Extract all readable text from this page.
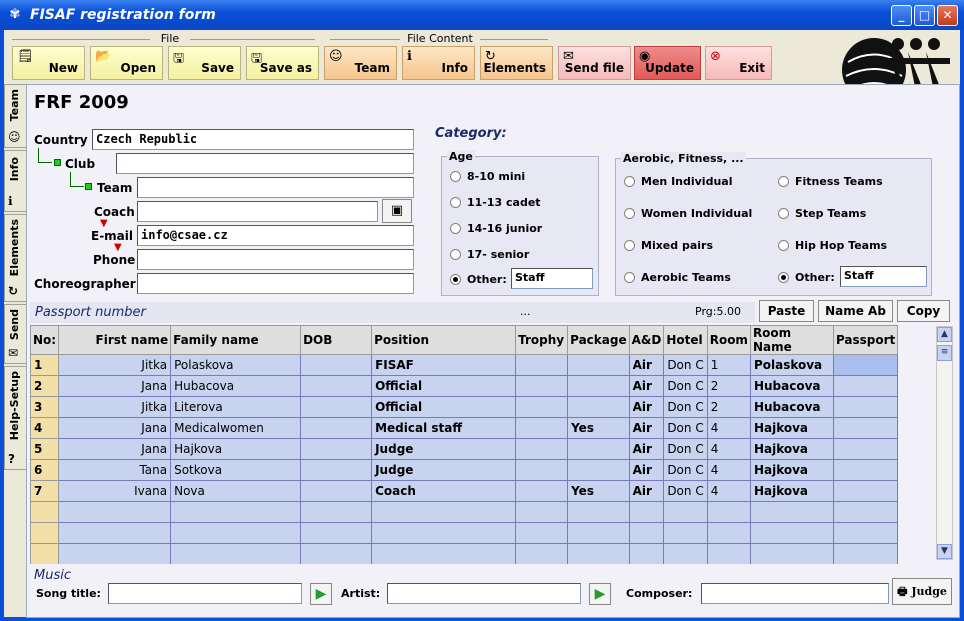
✾ FISAF registration form	_	□	✕
File	File Content
🗒
New
📂
Open
🖫
Save
🖫
Save as
☺
Team
ℹ
Info
↻
Elements
✉
Send file
◉
Update
⊗
Exit
Team
☺
Info
ℹ
Elements
↻
Send
✉
Help-Setup
?
FRF 2009
Country Czech Republic
Club
Team
Coach	▣
▼
E-mail info@csae.cz
▼
Phone
Choreographer
Category:
Age
8-10 mini
11-13 cadet
14-16 junior
17- senior
Other: Staff
Aerobic, Fitness, ...
Men Individual
Women Individual
Mixed pairs
Aerobic Teams
Fitness Teams
Step Teams
Hip Hop Teams
Other: Staff
Passport number	...	Prg:5.00	Paste	Name Ab	Copy
No:	First name	Family name	DOB	Position	Trophy	Package	A&D	Hotel	Room	Room Name	Passport
1	Jitka	Polaskova		FISAF			Air	Don C	1	Polaskova	
2	Jana	Hubacova		Official			Air	Don C	2	Hubacova	
3	Jitka	Literova		Official			Air	Don C	2	Hubacova	
4	Jana	Medicalwomen		Medical staff		Yes	Air	Don C	4	Hajkova	
5	Jana	Hajkova		Judge			Air	Don C	4	Hajkova	
6	Tana	Sotkova		Judge			Air	Don C	4	Hajkova	
7	Ivana	Nova		Coach		Yes	Air	Don C	4	Hajkova	

▲
≡
▼
Music
Song title:	▶	Artist:	▶	Composer:	🖶 Judge
